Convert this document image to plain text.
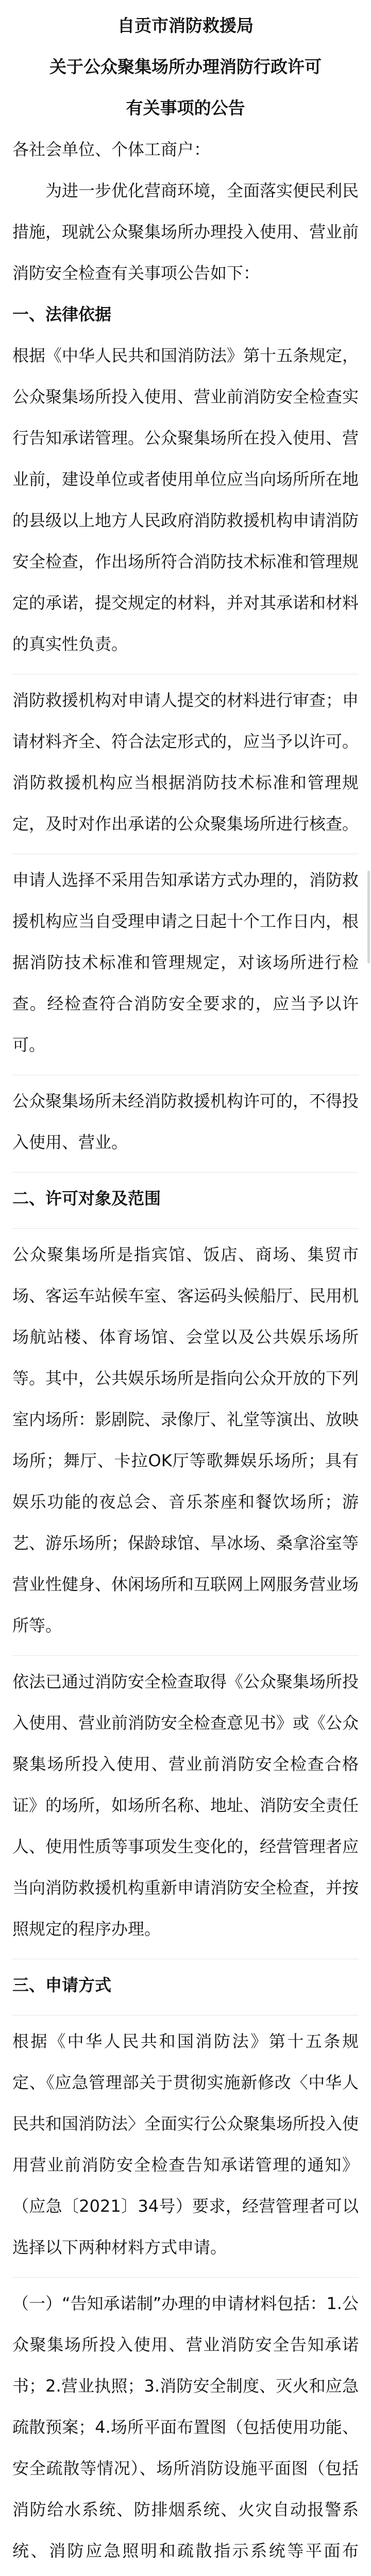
自贡市消防救援局
关于公众聚集场所办理消防行政许可
有关事项的公告

各社会单位、个体工商户：

为进一步优化营商环境，全面落实便民利民措施，现就公众聚集场所办理投入使用、营业前消防安全检查有关事项公告如下：

一、法律依据

根据《中华人民共和国消防法》第十五条规定，公众聚集场所投入使用、营业前消防安全检查实行告知承诺管理。公众聚集场所在投入使用、营业前，建设单位或者使用单位应当向场所所在地的县级以上地方人民政府消防救援机构申请消防安全检查，作出场所符合消防技术标准和管理规定的承诺，提交规定的材料，并对其承诺和材料的真实性负责。

消防救援机构对申请人提交的材料进行审查；申请材料齐全、符合法定形式的，应当予以许可。消防救援机构应当根据消防技术标准和管理规定，及时对作出承诺的公众聚集场所进行核查。

申请人选择不采用告知承诺方式办理的，消防救援机构应当自受理申请之日起十个工作日内，根据消防技术标准和管理规定，对该场所进行检查。经检查符合消防安全要求的，应当予以许可。

公众聚集场所未经消防救援机构许可的，不得投入使用、营业。

二、许可对象及范围

公众聚集场所是指宾馆、饭店、商场、集贸市场、客运车站候车室、客运码头候船厅、民用机场航站楼、体育场馆、会堂以及公共娱乐场所等。其中，公共娱乐场所是指向公众开放的下列室内场所：影剧院、录像厅、礼堂等演出、放映场所；舞厅、卡拉OK厅等歌舞娱乐场所；具有娱乐功能的夜总会、音乐茶座和餐饮场所；游艺、游乐场所；保龄球馆、旱冰场、桑拿浴室等营业性健身、休闲场所和互联网上网服务营业场所等。

依法已通过消防安全检查取得《公众聚集场所投入使用、营业前消防安全检查意见书》或《公众聚集场所投入使用、营业前消防安全检查合格证》的场所，如场所名称、地址、消防安全责任人、使用性质等事项发生变化的，经营管理者应当向消防救援机构重新申请消防安全检查，并按照规定的程序办理。

三、申请方式

根据《中华人民共和国消防法》第十五条规定、《应急管理部关于贯彻实施新修改〈中华人民共和国消防法〉全面实行公众聚集场所投入使用营业前消防安全检查告知承诺管理的通知》（应急〔2021〕34号）要求，经营管理者可以选择以下两种材料方式申请。

（一）“告知承诺制”办理的申请材料包括：1.公众聚集场所投入使用、营业消防安全告知承诺书；2.营业执照；3.消防安全制度、灭火和应急疏散预案；4.场所平面布置图（包括使用功能、安全疏散等情况）、场所消防设施平面图（包括消防给水系统、防排烟系统、火灾自动报警系统、消防应急照明和疏散指示系统等平面布
